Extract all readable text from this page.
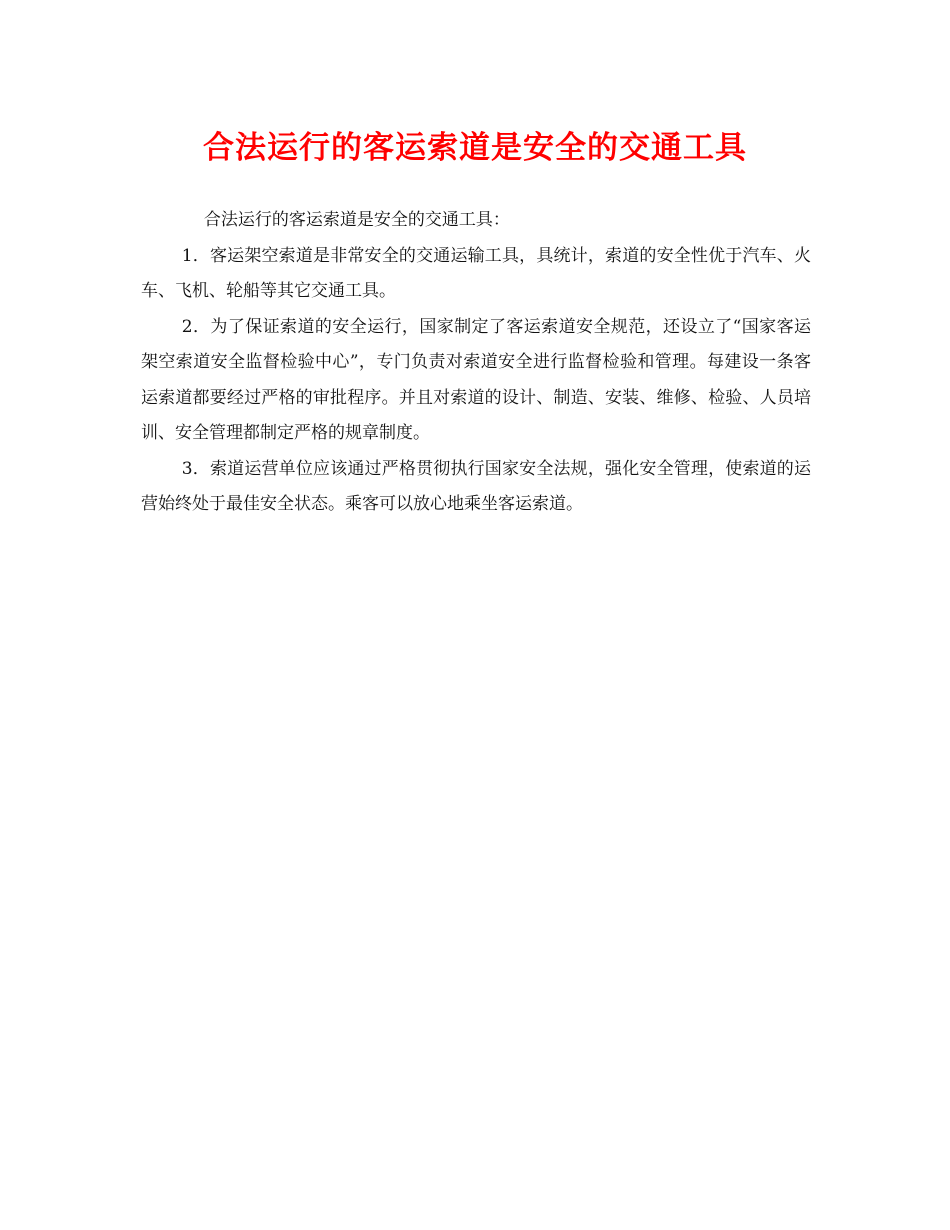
合法运行的客运索道是安全的交通工具

合法运行的客运索道是安全的交通工具：

1．客运架空索道是非常安全的交通运输工具，具统计，索道的安全性优于汽车、火车、飞机、轮船等其它交通工具。

2．为了保证索道的安全运行，国家制定了客运索道安全规范，还设立了“国家客运架空索道安全监督检验中心”，专门负责对索道安全进行监督检验和管理。每建设一条客运索道都要经过严格的审批程序。并且对索道的设计、制造、安装、维修、检验、人员培训、安全管理都制定严格的规章制度。

3．索道运营单位应该通过严格贯彻执行国家安全法规，强化安全管理，使索道的运营始终处于最佳安全状态。乘客可以放心地乘坐客运索道。
